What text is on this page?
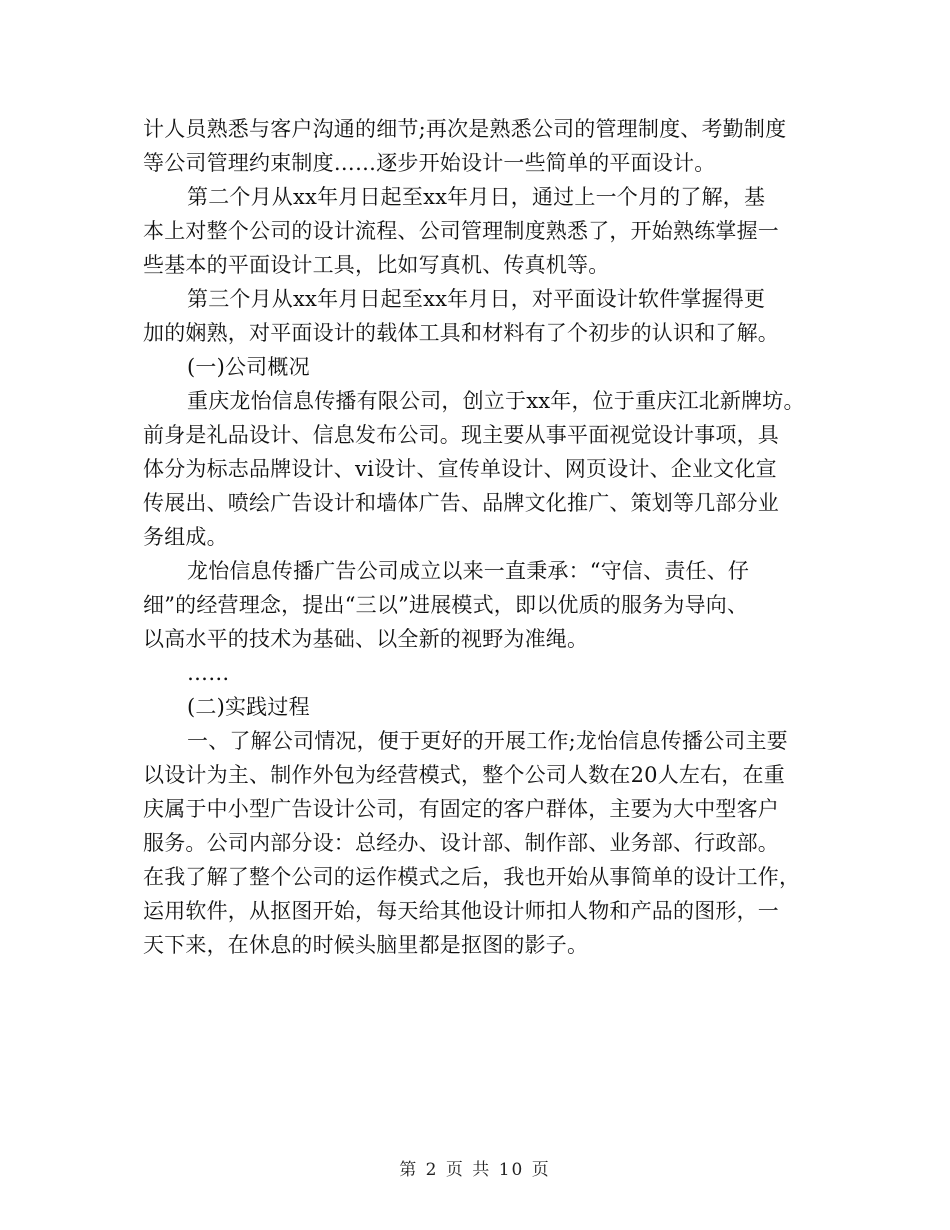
计人员熟悉与客户沟通的细节;再次是熟悉公司的管理制度、考勤制度
等公司管理约束制度……逐步开始设计一些简单的平面设计。
第二个月从xx年月日起至xx年月日，通过上一个月的了解，基
本上对整个公司的设计流程、公司管理制度熟悉了，开始熟练掌握一
些基本的平面设计工具，比如写真机、传真机等。
第三个月从xx年月日起至xx年月日，对平面设计软件掌握得更
加的娴熟，对平面设计的载体工具和材料有了个初步的认识和了解。
(一)公司概况
重庆龙怡信息传播有限公司，创立于xx年，位于重庆江北新牌坊。
前身是礼品设计、信息发布公司。现主要从事平面视觉设计事项，具
体分为标志品牌设计、vi设计、宣传单设计、网页设计、企业文化宣
传展出、喷绘广告设计和墙体广告、品牌文化推广、策划等几部分业
务组成。
龙怡信息传播广告公司成立以来一直秉承：“守信、责任、仔
细”的经营理念，提出“三以”进展模式，即以优质的服务为导向、
以高水平的技术为基础、以全新的视野为准绳。
……
(二)实践过程
一、了解公司情况，便于更好的开展工作;龙怡信息传播公司主要
以设计为主、制作外包为经营模式，整个公司人数在20人左右，在重
庆属于中小型广告设计公司，有固定的客户群体，主要为大中型客户
服务。公司内部分设：总经办、设计部、制作部、业务部、行政部。
在我了解了整个公司的运作模式之后，我也开始从事简单的设计工作，
运用软件，从抠图开始，每天给其他设计师扣人物和产品的图形，一
天下来，在休息的时候头脑里都是抠图的影子。
第 2 页 共 10 页
